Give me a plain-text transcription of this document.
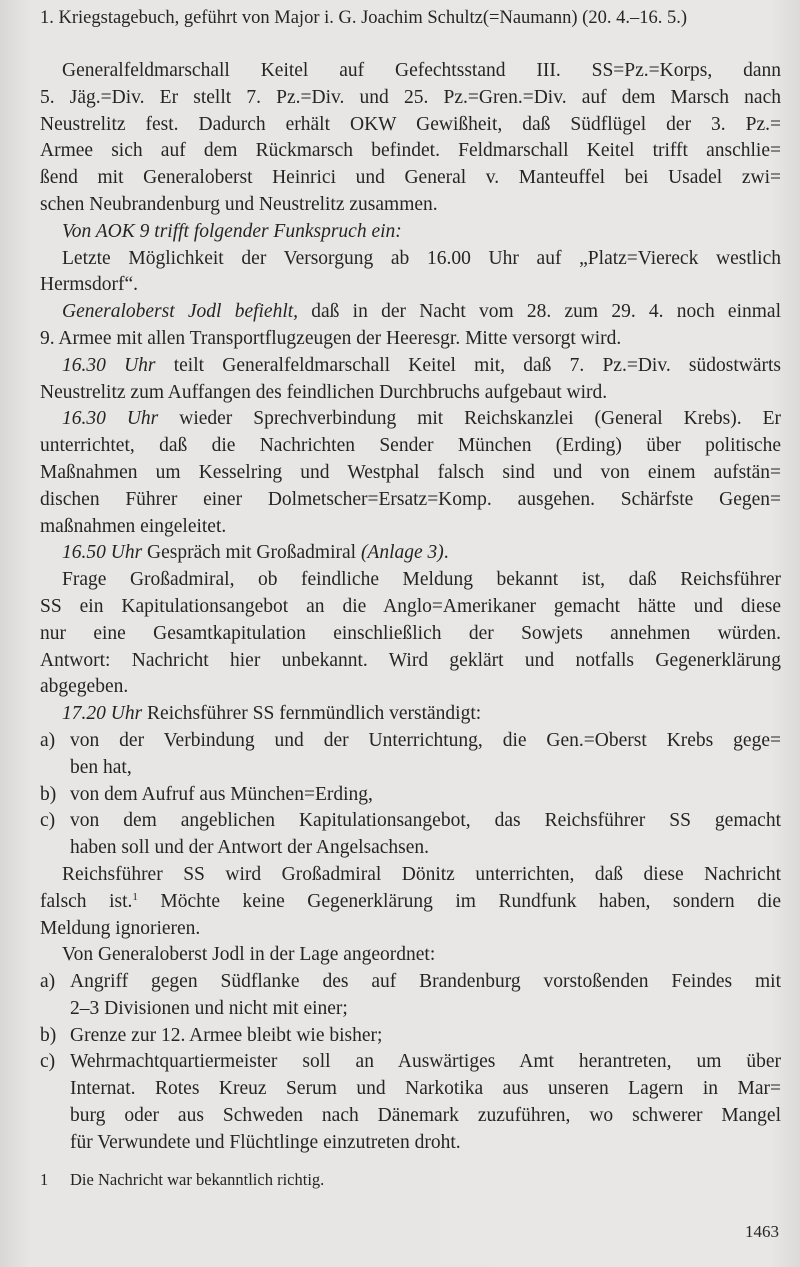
1. Kriegstagebuch, geführt von Major i. G. Joachim Schultz(=Naumann) (20. 4.–16. 5.)
Generalfeldmarschall Keitel auf Gefechtsstand III. SS=Pz.=Korps, dann
5. Jäg.=Div. Er stellt 7. Pz.=Div. und 25. Pz.=Gren.=Div. auf dem Marsch nach
Neustrelitz fest. Dadurch erhält OKW Gewißheit, daß Südflügel der 3. Pz.=
Armee sich auf dem Rückmarsch befindet. Feldmarschall Keitel trifft anschlie=
ßend mit Generaloberst Heinrici und General v. Manteuffel bei Usadel zwi=
schen Neubrandenburg und Neustrelitz zusammen.
Von AOK 9 trifft folgender Funkspruch ein:
Letzte Möglichkeit der Versorgung ab 16.00 Uhr auf „Platz=Viereck westlich
Hermsdorf“.
Generaloberst Jodl befiehlt, daß in der Nacht vom 28. zum 29. 4. noch einmal
9. Armee mit allen Transportflugzeugen der Heeresgr. Mitte versorgt wird.
16.30 Uhr teilt Generalfeldmarschall Keitel mit, daß 7. Pz.=Div. südostwärts
Neustrelitz zum Auffangen des feindlichen Durchbruchs aufgebaut wird.
16.30 Uhr wieder Sprechverbindung mit Reichskanzlei (General Krebs). Er
unterrichtet, daß die Nachrichten Sender München (Erding) über politische
Maßnahmen um Kesselring und Westphal falsch sind und von einem aufstän=
dischen Führer einer Dolmetscher=Ersatz=Komp. ausgehen. Schärfste Gegen=
maßnahmen eingeleitet.
16.50 Uhr Gespräch mit Großadmiral (Anlage 3).
Frage Großadmiral, ob feindliche Meldung bekannt ist, daß Reichsführer
SS ein Kapitulationsangebot an die Anglo=Amerikaner gemacht hätte und diese
nur eine Gesamtkapitulation einschließlich der Sowjets annehmen würden.
Antwort: Nachricht hier unbekannt. Wird geklärt und notfalls Gegenerklärung
abgegeben.
17.20 Uhr Reichsführer SS fernmündlich verständigt:
a) von der Verbindung und der Unterrichtung, die Gen.=Oberst Krebs gege=
ben hat,
b) von dem Aufruf aus München=Erding,
c) von dem angeblichen Kapitulationsangebot, das Reichsführer SS gemacht
haben soll und der Antwort der Angelsachsen.
Reichsführer SS wird Großadmiral Dönitz unterrichten, daß diese Nachricht
falsch ist.$^1$ Möchte keine Gegenerklärung im Rundfunk haben, sondern die
Meldung ignorieren.
Von Generaloberst Jodl in der Lage angeordnet:
a) Angriff gegen Südflanke des auf Brandenburg vorstoßenden Feindes mit
2–3 Divisionen und nicht mit einer;
b) Grenze zur 12. Armee bleibt wie bisher;
c) Wehrmachtquartiermeister soll an Auswärtiges Amt herantreten, um über
Internat. Rotes Kreuz Serum und Narkotika aus unseren Lagern in Mar=
burg oder aus Schweden nach Dänemark zuzuführen, wo schwerer Mangel
für Verwundete und Flüchtlinge einzutreten droht.
1 Die Nachricht war bekanntlich richtig.
1463
